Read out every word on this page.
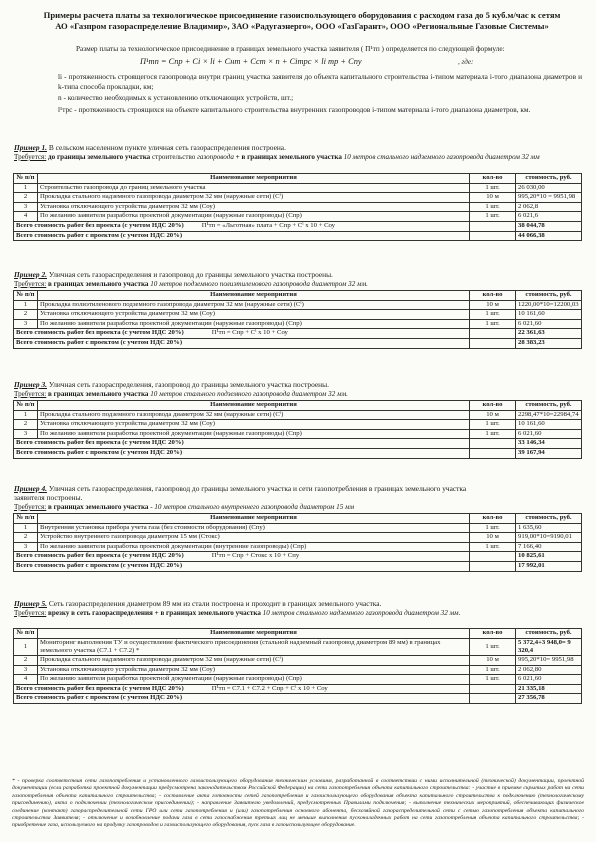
Примеры расчета платы за технологическое присоединение газоиспользующего оборудования с расходом газа до 5 куб.м/час к сетям
АО «Газпром газораспределение Владимир», ЗАО «Радугаэнерго», ООО «ГазГарант», ООО «Региональные Газовые Системы»
Размер платы за технологическое присоединение в границах земельного участка заявителя ( П¹тп ) определяется по следующей формуле:
П¹тп = Спр + Сi × li + Снт + Сст × n + Сiтрс × li тр + Спу	, где:
li - протяженность строящегося газопровода внутри границ участка заявителя до объекта капитального строительства i-типом материала i-того диапазона диаметров и k-типа способа прокладки, км;
n - количество необходимых к установлению отключающих устройств, шт.;
l¹трс - протяженность строящихся на объекте капитального строительства внутренних газопроводов i-типом материала i-того диапазона диаметров, км.
Пример 1. В сельском населенном пункте уличная сеть газораспределения построена.
Требуется: до границы земельного участка строительство газопровода + в границах земельного участка 10 метров стального надземного газопровода диаметром 32 мм
№ п/п	Наименование мероприятия	кол-во	стоимость, руб.
1	Строительство газопровода до границ земельного участка	1 шт.	26 030,00
2	Прокладка стального надземного газопровода диаметром 32 мм (наружные сети) (Сⁱ)	10 м	995,20*10 = 9951,98
3	Установка отключающего устройства диаметром 32 мм (Соу)	1 шт.	2 062,8
4	По желанию заявителя разработка проектной документации (наружные газопроводы) (Спр)	1 шт.	6 021,6
Всего стоимость работ без проекта (с учетом НДС 20%) П¹тп = «Льготная» плата + Спр + Сⁱ х 10 + Соу			38 044,78
Всего стоимость работ с проектом (с учетом НДС 20%)			44 066,38
Пример 2. Уличная сеть газораспределения и газопровод до границы земельного участка построены.
Требуется: в границах земельного участка 10 метров подземного полиэтиленового газопровода диаметром 32 мм.
№ п/п	Наименование мероприятия	кол-во	стоимость, руб.
1	Прокладка полиэтиленового подземного газопровода диаметром 32 мм (наружные сети) (Сⁱ)	10 м	1220,00*10=12200,03
2	Установка отключающего устройства диаметром 32 мм (Соу)	1 шт.	10 161,60
3	По желанию заявителя разработка проектной документации (наружные газопроводы) (Спр)	1 шт.	6 021,60
Всего стоимость работ без проекта (с учетом НДС 20%) П¹тп = Спр + Сⁱ х 10 + Соу			22 361,63
Всего стоимость работ с проектом (с учетом НДС 20%)			28 383,23
Пример 3. Уличная сеть газораспределения, газопровод до границы земельного участка построены.
Требуется: в границах земельного участка 10 метров стального подземного газопровода диаметром 32 мм.
№ п/п	Наименование мероприятия	кол-во	стоимость, руб.
1	Прокладка стального подземного газопровода диаметром 32 мм (наружные сети) (Сⁱ)	10 м	2298,47*10=22984,74
2	Установка отключающего устройства диаметром 32 мм (Соу)	1 шт.	10 161,60
3	По желанию заявителя разработка проектной документации (наружные газопроводы) (Спр)	1 шт.	6 021,60
Всего стоимость работ без проекта (с учетом НДС 20%)			33 146,34
Всего стоимость работ с проектом (с учетом НДС 20%)			39 167,94
Пример 4. Уличная сеть газораспределения, газопровод до границы земельного участка и сети газопотребления в границах земельного участка
заявителя построены.
Требуется: в границах земельного участка - 10 метров стального внутреннего газопровода диаметром 15 мм
№ п/п	Наименование мероприятия	кол-во	стоимость, руб.
1	Внутренняя установка прибора учета газа (без стоимости оборудования) (Спу)	1 шт.	1 635,60
2	Устройство внутреннего газопровода диаметром 15 мм (Стокс)	10 м	919,00*10=9190,01
3	По желанию заявителя разработка проектной документации (внутренние газопроводы) (Спр)	1 шт.	7 166,40
Всего стоимость работ без проекта (с учетом НДС 20%) П¹тп = Спр + Стокс х 10 + Спу			10 825,61
Всего стоимость работ с проектом (с учетом НДС 20%)			17 992,01
Пример 5. Сеть газораспределения диаметром 89 мм из стали построена и проходит в границах земельного участка.
Требуется: врезку в сеть газораспределения + в границах земельного участка 10 метров стального надземного газопровода диаметром 32 мм.
№ п/п	Наименование мероприятия	кол-во	стоимость, руб.
1	Мониторинг выполнения ТУ и осуществление фактического присоединения (стальной надземный газопровод диаметром 89 мм) в границах земельного участка (С7.1 + С7.2) *	1 шт.	5 372,4+3 948,0= 9 320,4
2	Прокладка стального надземного газопровода диаметром 32 мм (наружные сети) (Сⁱ)	10 м	995,20*10= 9951,98
3	Установка отключающего устройства диаметром 32 мм (Соу)	1 шт.	2 062,80
4	По желанию заявителя разработка проектной документации (наружные газопроводы) (Спр)	1 шт.	6 021,60
Всего стоимость работ без проекта (с учетом НДС 20%) П¹тп = С7.1 + С7.2 + Спр + Сⁱ х 10 + Соу			21 335,18
Всего стоимость работ с проектом (с учетом НДС 20%)			27 356,78
* - проверка соответствия сети газопотребления и установленного газоиспользующего оборудования техническим условиям, разработанной в соответствии с ними исполнительной (технической) документации, проектной документации (если разработка проектной документации предусмотрена законодательством Российской Федерации) на сети газопотребления объекта капитального строительства: - участие в приемке скрытых работ на сети газопотребления объекта капитального строительства; - составление акта готовности сетей газопотребления и газоиспользующего оборудования объекта капитального строительства к подключению (технологическому присоединению), акта о подключении (технологическом присоединении); - направление Заявителю уведомлений, предусмотренных Правилами подключения; - выполнение технических мероприятий, обеспечивающих физическое соединение (контакт) газораспределительной сети ГРО или сети газопотребления и (или) газопотребления основного абонента, бесхозяйной газораспределительной сети с сетью газопотребления объекта капитального строительства Заявителя; - отключение и возобновление подачи газа в сети газоснабжения третьих лиц не меньше выполнения пусконаладочных работ на сети газопотребления объекта капитального строительства; - приобретение газа, используемого на продувку газопроводов и газоиспользующего оборудования, пуск газа в газоиспользующее оборудование.
